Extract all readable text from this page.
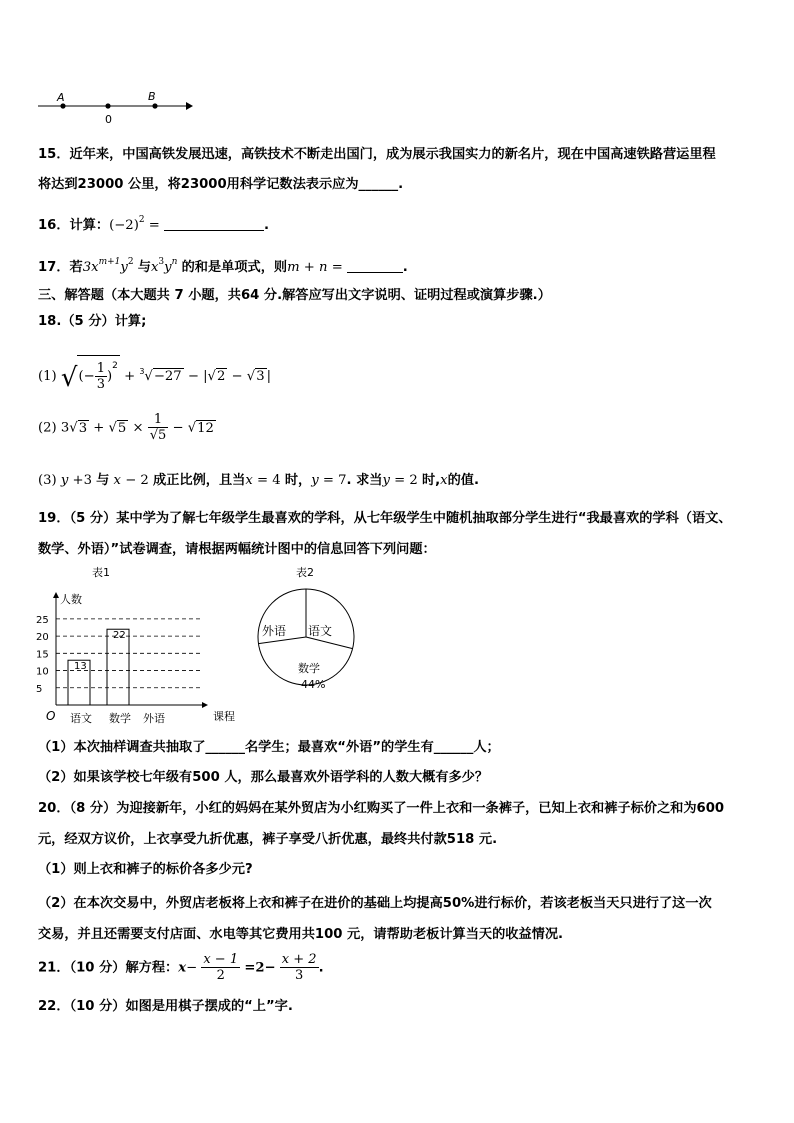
A	B
0
15．近年来，中国高铁发展迅速，高铁技术不断走出国门，成为展示我国实力的新名片，现在中国高速铁路营运里程
将达到23000 公里，将23000用科学记数法表示应为______.
16．计算：$(-2)^2$ =	.
17．若$3x^{m+1}y^2$ 与$x^3y^n$ 的和是单项式，则m + n =	.
三、解答题（本大题共 7 小题，共64 分.解答应写出文字说明、证明过程或演算步骤.）
18.（5 分）计算;
(1) √(− $\frac{1}{3} )^2 + ^3√-27 - |√2 - √3$ |
(2) $3√3 + √5 \times \frac{1}{√5} - √12$
(3) y +3 与 x − 2 成正比例，且当x = 4 时，y = 7. 求当y = 2 时,x的值.
19．（5 分）某中学为了解七年级学生最喜欢的学科，从七年级学生中随机抽取部分学生进行“我最喜欢的学科（语文、
数学、外语）”试卷调查，请根据两幅统计图中的信息回答下列问题：
表1
人数
课程
O
5
10
15
20
25
13
语文
22
数学 外语
表2
语文
数学
44%
外语
（1）本次抽样调查共抽取了______名学生；最喜欢“外语”的学生有______人；
（2）如果该学校七年级有500 人，那么最喜欢外语学科的人数大概有多少？
20．（8 分）为迎接新年，小红的妈妈在某外贸店为小红购买了一件上衣和一条裤子，已知上衣和裤子标价之和为600
元，经双方议价，上衣享受九折优惠，裤子享受八折优惠，最终共付款518 元.
（1）则上衣和裤子的标价各多少元?
（2）在本次交易中，外贸店老板将上衣和裤子在进价的基础上均提高50%进行标价，若该老板当天只进行了这一次
交易，并且还需要支付店面、水电等其它费用共100 元，请帮助老板计算当天的收益情况.
21．（10 分）解方程：$x- \frac{x - 1}{2} =2- \frac{x + 2}{3}$ .
22．（10 分）如图是用棋子摆成的“上”字.
